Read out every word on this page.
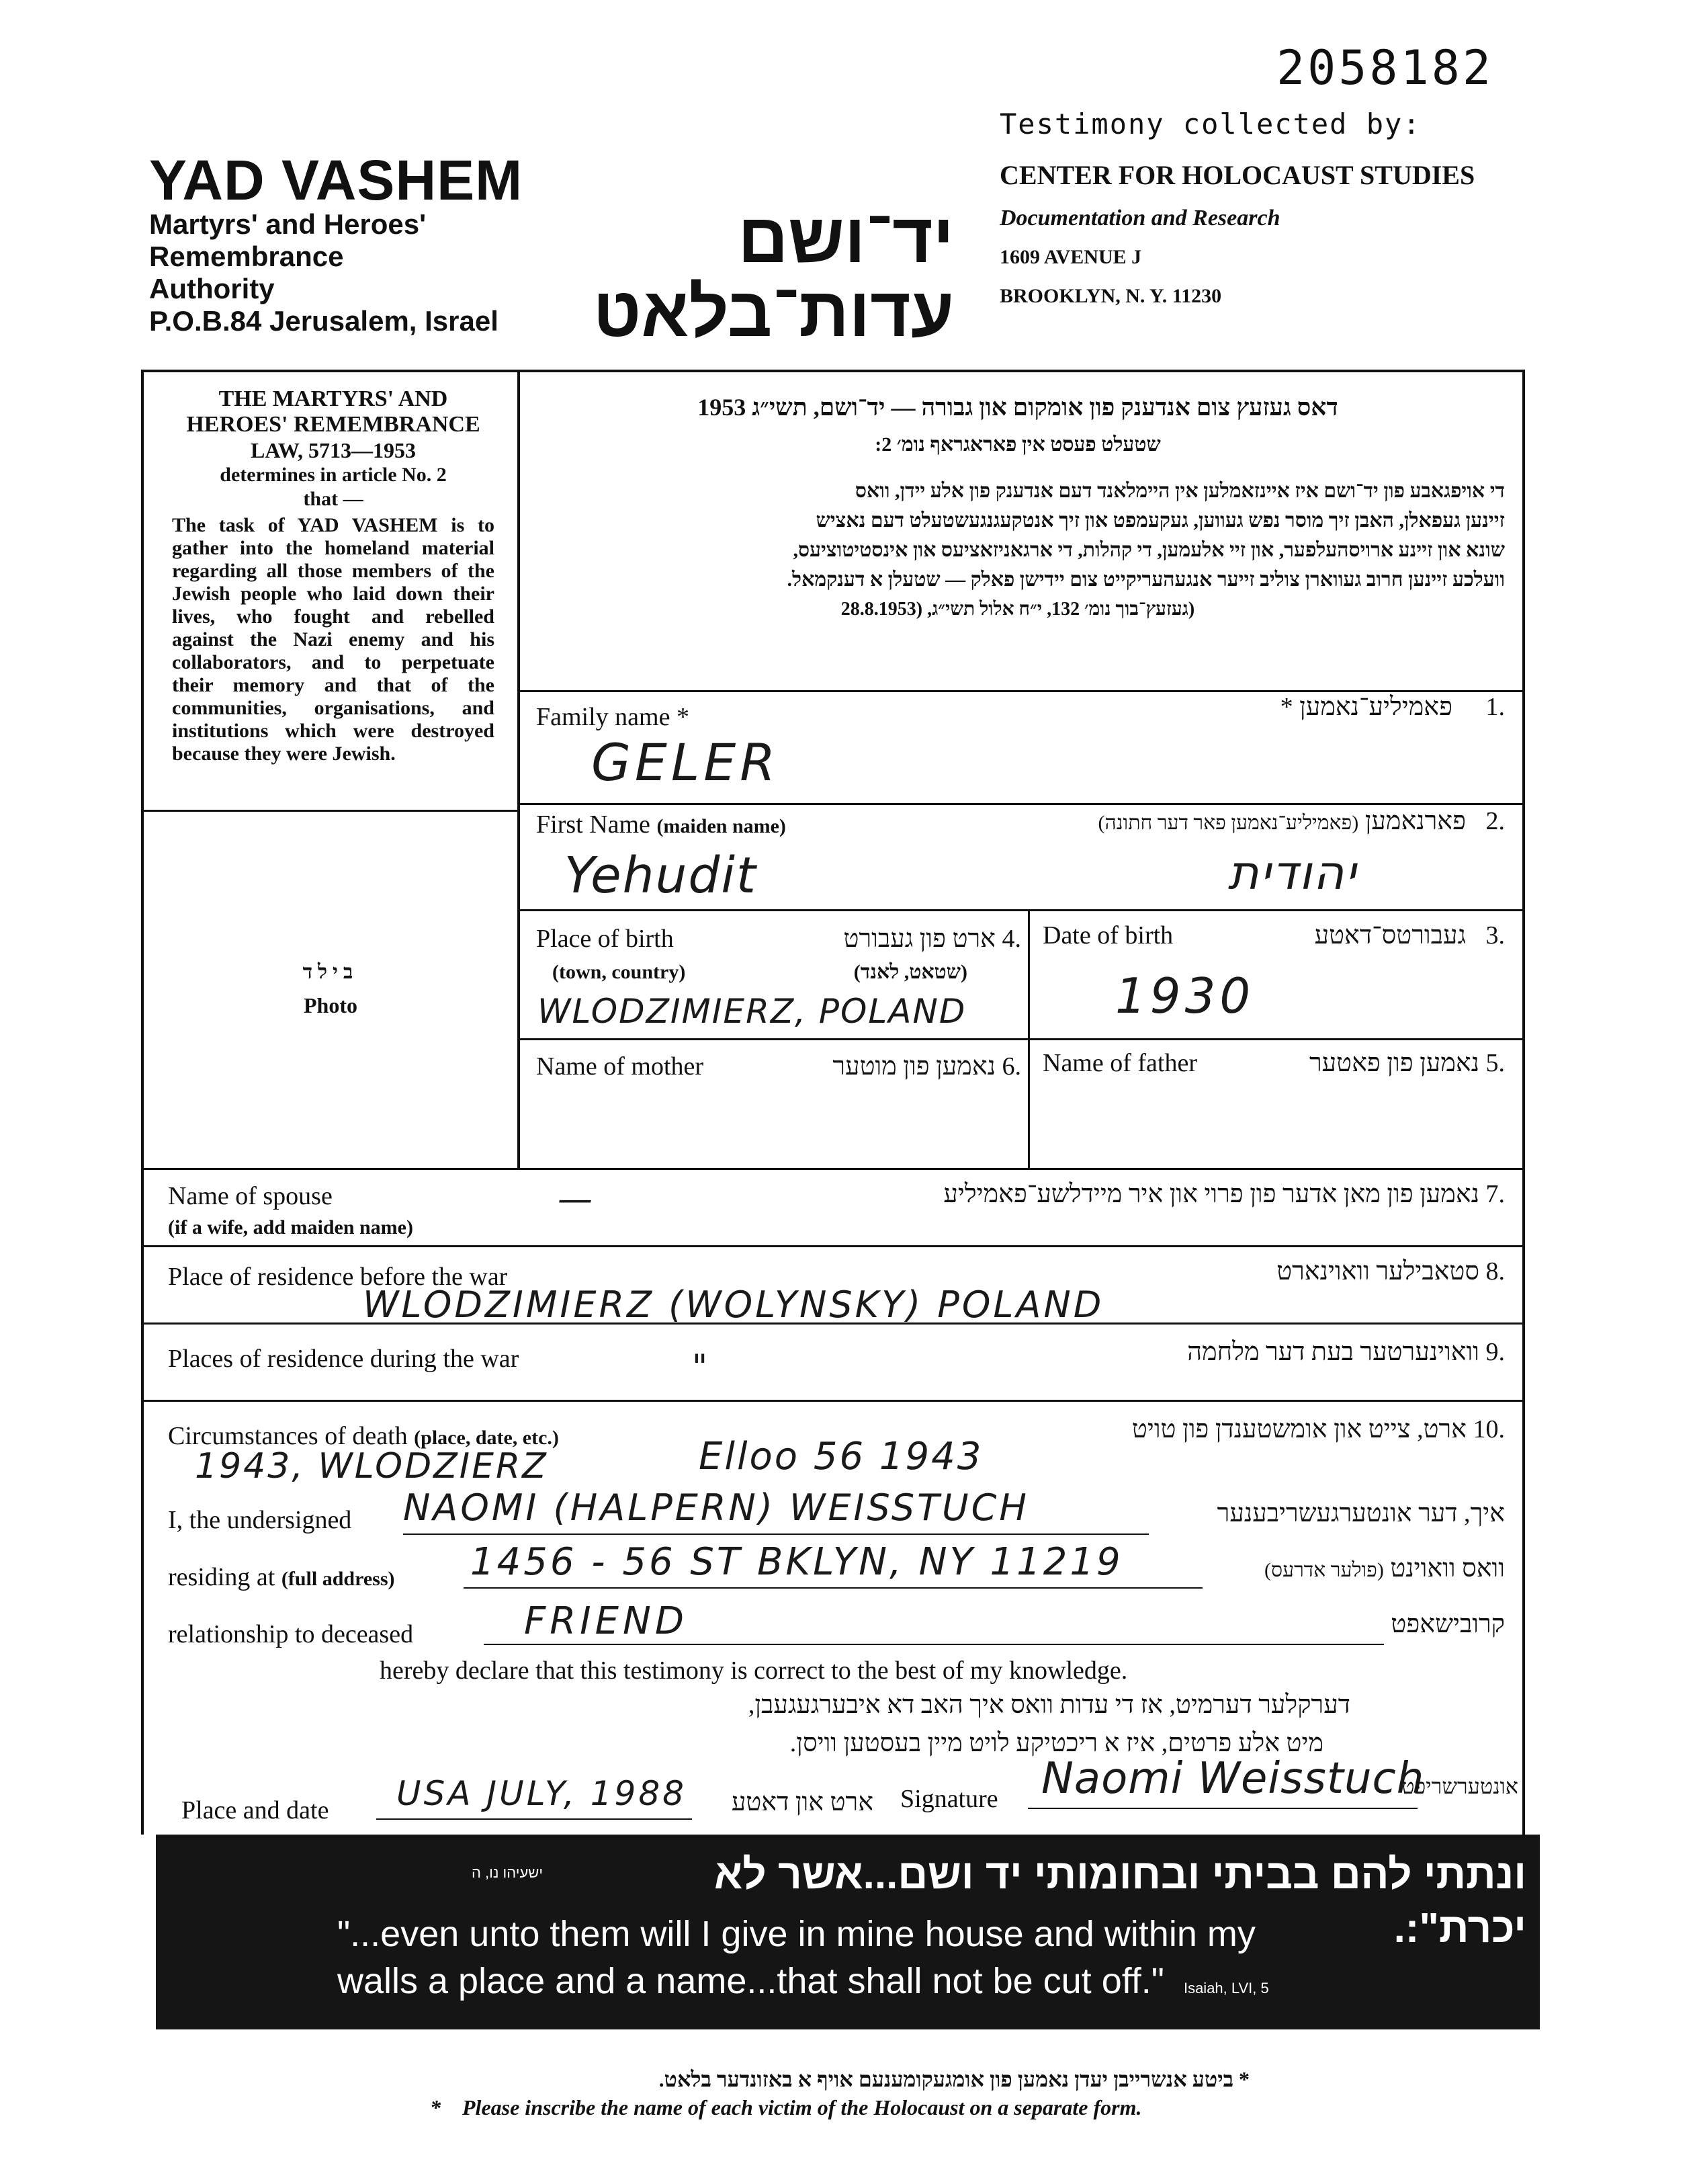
2058182
Testimony collected by:
CENTER FOR HOLOCAUST STUDIES
Documentation and Research
1609 AVENUE J
BROOKLYN, N. Y. 11230
YAD VASHEM
Martyrs' and Heroes'
Remembrance
Authority
P.O.B.84 Jerusalem, Israel
יד־ושם
עדות־בלאט
THE MARTYRS' AND
HEROES' REMEMBRANCE
LAW, 5713—1953
determines in article No. 2
that —
The task of YAD VASHEM is to gather into the homeland material regarding all those members of the Jewish people who laid down their lives, who fought and rebelled against the Nazi enemy and his collaborators, and to perpetuate their memory and that of the communities, organisations, and institutions which were destroyed because they were Jewish.
בילד
Photo
דאס געזעץ צום אנדענק פון אומקום און גבורה — יד־ושם, תשי״ג 1953
שטעלט פעסט אין פאראגראף נומ׳ 2:
די אויפגאבע פון יד־ושם איז איינזאמלען אין היימלאנד דעם אנדענק פון אלע יידן, וואס
זיינען געפאלן, האבן זיך מוסר נפש געווען, געקעמפט און זיך אנטקעגנגעשטעלט דעם נאציש
שונא און זיינע ארויסהעלפער, און זיי אלעמען, די קהלות, די ארגאניזאציעס און אינסטיטוציעס,
וועלכע זיינען חרוב געווארן צוליב זייער אנגעהעריקייט צום יידישן פאלק — שטעלן א דענקמאל.
(געזעץ־בוך נומ׳ 132, י״ח אלול תשי״ג, (28.8.1953
Family name *	.1 פאמיליע־נאמען *
GELER
First Name (maiden name)	.2 פארנאמען (פאמיליע־נאמען פאר דער חתונה)
Yehudit	יהודית
Place of birth	.4 ארט פון געבורט
(town, country)	(שטאט, לאנד)
WLODZIMIERZ, POLAND
Date of birth	.3 געבורטס־דאטע
1930
Name of mother	.6 נאמען פון מוטער	Name of father	.5 נאמען פון פאטער
Name of spouse
(if a wife, add maiden name)
.7 נאמען פון מאן אדער פון פרוי און איר מיידלשע־פאמיליע
—
Place of residence before the war	.8 סטאבילער וואוינארט
WLODZIMIERZ (WOLYNSKY) POLAND
Places of residence during the war	.9 וואוינערטער בעת דער מלחמה
"
Circumstances of death (place, date, etc.)	.10 ארט, צייט און אומשטענדן פון טויט
1943, WLODZIERZ	Elloo 56 1943
I, the undersigned NAOMI (HALPERN) WEISSTUCH	איך, דער אונטערגעשריבענער
residing at (full address) 1456 - 56 ST BKLYN, NY 11219	וואס וואוינט (פולער אדרעס)
relationship to deceased	FRIEND	קרובישאפט
hereby declare that this testimony is correct to the best of my knowledge.
דערקלער דערמיט, אז די עדות וואס איך האב דא איבערגעגעבן,
מיט אלע פרטים, איז א ריכטיקע לויט מיין בעסטען וויסן.
Place and date USA JULY, 1988	ארט און דאטע Signature Naomi Weisstuch
אונטערשריפט
ונתתי להם בביתי ובחומותי יד ושם...אשר לא יכרת":.
ישעיהו נו, ה
"...even unto them will I give in mine house and within my
walls a place and a name...that shall not be cut off." Isaiah, LVI, 5
* ביטע אנשרייבן יעדן נאמען פון אומגעקומענעם אויף א באזונדער בלאט.
* Please inscribe the name of each victim of the Holocaust on a separate form.
